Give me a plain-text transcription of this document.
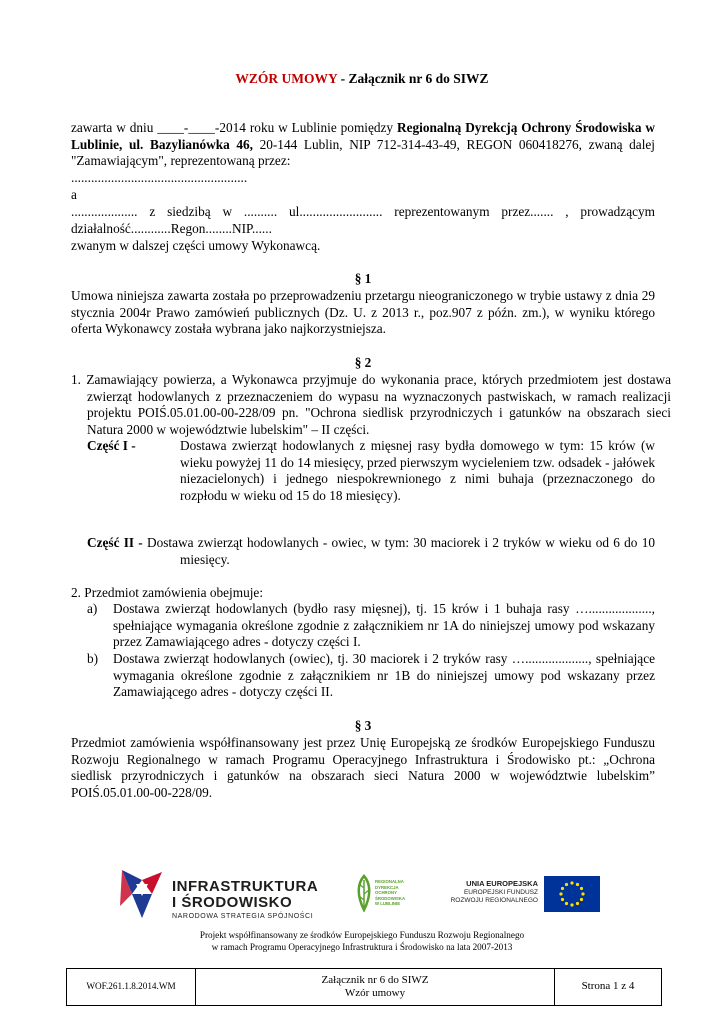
WZÓR UMOWY - Załącznik nr 6 do SIWZ
zawarta w dniu ____-____-2014 roku w Lublinie pomiędzy Regionalną Dyrekcją Ochrony Środowiska w Lublinie, ul. Bazylianówka 46, 20-144 Lublin, NIP 712-314-43-49, REGON 060418276, zwaną dalej "Zamawiającym", reprezentowaną przez:
.....................................................
a
.................... z siedzibą w .......... ul......................... reprezentowanym przez....... , prowadzącym
działalność............Regon........NIP......
zwanym w dalszej części umowy Wykonawcą.
§ 1
Umowa niniejsza zawarta została po przeprowadzeniu przetargu nieograniczonego w trybie ustawy z dnia 29 stycznia 2004r Prawo zamówień publicznych (Dz. U. z 2013 r., poz.907 z późn. zm.), w wyniku którego oferta Wykonawcy została wybrana jako najkorzystniejsza.
§ 2
1. Zamawiający powierza, a Wykonawca przyjmuje do wykonania prace, których przedmiotem jest dostawa zwierząt hodowlanych z przeznaczeniem do wypasu na wyznaczonych pastwiskach, w ramach realizacji projektu POIŚ.05.01.00-00-228/09 pn. "Ochrona siedlisk przyrodniczych i gatunków na obszarach sieci Natura 2000 w województwie lubelskim" – II części.
Część I -	Dostawa zwierząt hodowlanych z mięsnej rasy bydła domowego w tym: 15 krów (w wieku powyżej 11 do 14 miesięcy, przed pierwszym wycieleniem tzw. odsadek - jałówek niezacielonych) i jednego niespokrewnionego z nimi buhaja (przeznaczonego do rozpłodu w wieku od 15 do 18 miesięcy).
Część II - Dostawa zwierząt hodowlanych - owiec, w tym: 30 maciorek i 2 tryków w wieku od 6 do 10 miesięcy.
2. Przedmiot zamówienia obejmuje:
a)	Dostawa zwierząt hodowlanych (bydło rasy mięsnej), tj. 15 krów i 1 buhaja rasy …..................., spełniające wymagania określone zgodnie z załącznikiem nr 1A do niniejszej umowy pod wskazany przez Zamawiającego adres - dotyczy części I.
b)	Dostawa zwierząt hodowlanych (owiec), tj. 30 maciorek i 2 tryków rasy …..................., spełniające wymagania określone zgodnie z załącznikiem nr 1B do niniejszej umowy pod wskazany przez Zamawiającego adres - dotyczy części II.
§ 3
Przedmiot zamówienia współfinansowany jest przez Unię Europejską ze środków Europejskiego Funduszu Rozwoju Regionalnego w ramach Programu Operacyjnego Infrastruktura i Środowisko pt.: „Ochrona siedlisk przyrodniczych i gatunków na obszarach sieci Natura 2000 w województwie lubelskim” POIŚ.05.01.00-00-228/09.
INFRASTRUKTURA
I ŚRODOWISKO
NARODOWA STRATEGIA SPÓJNOŚCI
REGIONALNA
DYREKCJA
OCHRONY
ŚRODOWISKA
W LUBLINIE
UNIA EUROPEJSKA
EUROPEJSKI FUNDUSZ
ROZWOJU REGIONALNEGO
Projekt współfinansowany ze środków Europejskiego Funduszu Rozwoju Regionalnego
w ramach Programu Operacyjnego Infrastruktura i Środowisko na lata 2007-2013
WOF.261.1.8.2014.WM
Załącznik nr 6 do SIWZ
Wzór umowy
Strona 1 z 4
